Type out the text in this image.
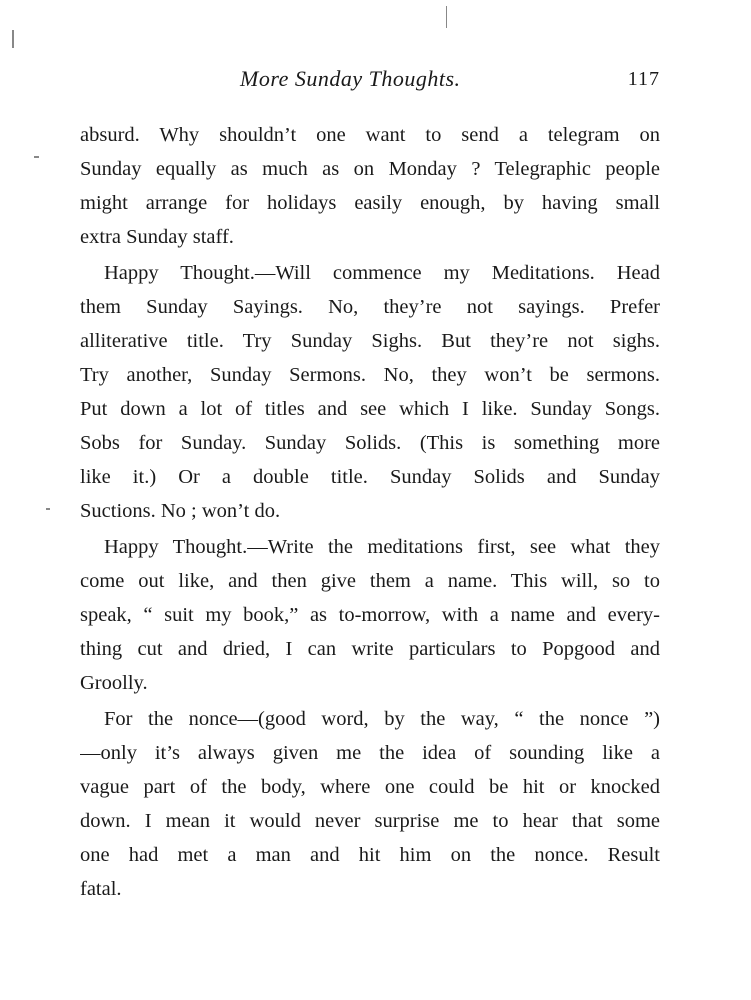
More Sunday Thoughts.	117
absurd. Why shouldn’t one want to send a telegram on
Sunday equally as much as on Monday ? Telegraphic people
might arrange for holidays easily enough, by having small
extra Sunday staff.
Happy Thought.—Will commence my Meditations. Head
them Sunday Sayings. No, they’re not sayings. Prefer
alliterative title. Try Sunday Sighs. But they’re not sighs.
Try another, Sunday Sermons. No, they won’t be sermons.
Put down a lot of titles and see which I like. Sunday Songs.
Sobs for Sunday. Sunday Solids. (This is something more
like it.) Or a double title. Sunday Solids and Sunday
Suctions. No ; won’t do.
Happy Thought.—Write the meditations first, see what they
come out like, and then give them a name. This will, so to
speak, “ suit my book,” as to-morrow, with a name and every-
thing cut and dried, I can write particulars to Popgood and
Groolly.
For the nonce—(good word, by the way, “ the nonce ”)
—only it’s always given me the idea of sounding like a
vague part of the body, where one could be hit or knocked
down. I mean it would never surprise me to hear that some
one had met a man and hit him on the nonce. Result
fatal.
